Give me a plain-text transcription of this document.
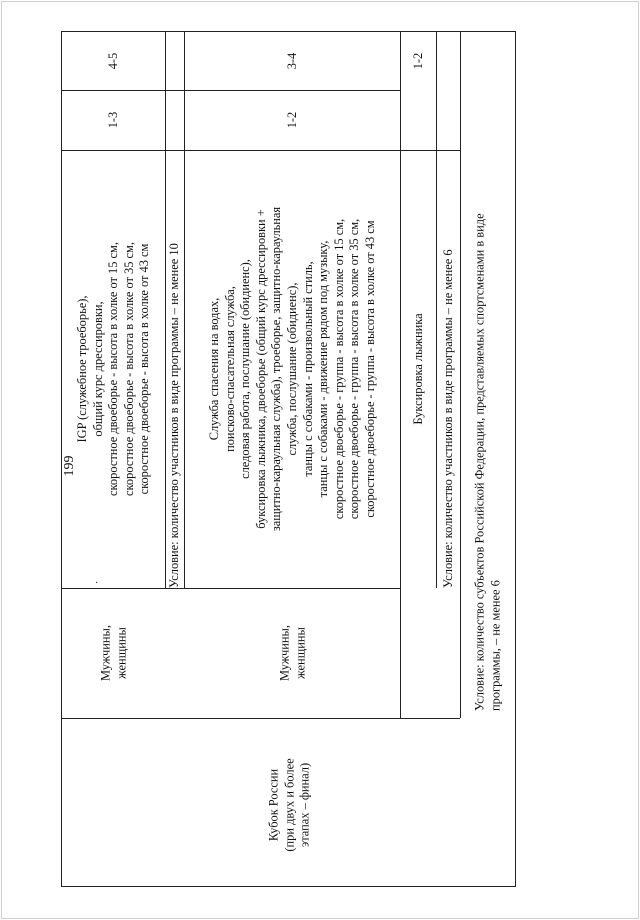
199
·
Кубок России (при двух и более этапах – финал)
Мужчины, женщины
IGP (служебное троеборье), общий курс дрессировки, скоростное двоеборье - высота в холке от 15 см, скоростное двоеборье - высота в холке от 35 см, скоростное двоеборье - высота в холке от 43 см
1-3
4-5
Условие: количество участников в виде программы – не менее 10
Мужчины, женщины
Служба спасения на водах, поисково-спасательная служба, следовая работа, послушание (обидиенс), буксировка лыжника, двоеборье (общий курс дрессировки + защитно-караульная служба), троеборье, защитно-караульная служба, послушание (обидиенс), танцы с собаками - произвольный стиль, танцы с собаками - движение рядом под музыку, скоростное двоеборье - группа - высота в холке от 15 см, скоростное двоеборье - группа - высота в холке от 35 см, скоростное двоеборье - группа - высота в холке от 43 см
1-2
3-4
Буксировка лыжника
1-2
Условие: количество участников в виде программы – не менее 6 Условие: количество субъектов Российской Федерации, представляемых спортсменами в виде программы, – не менее 6
